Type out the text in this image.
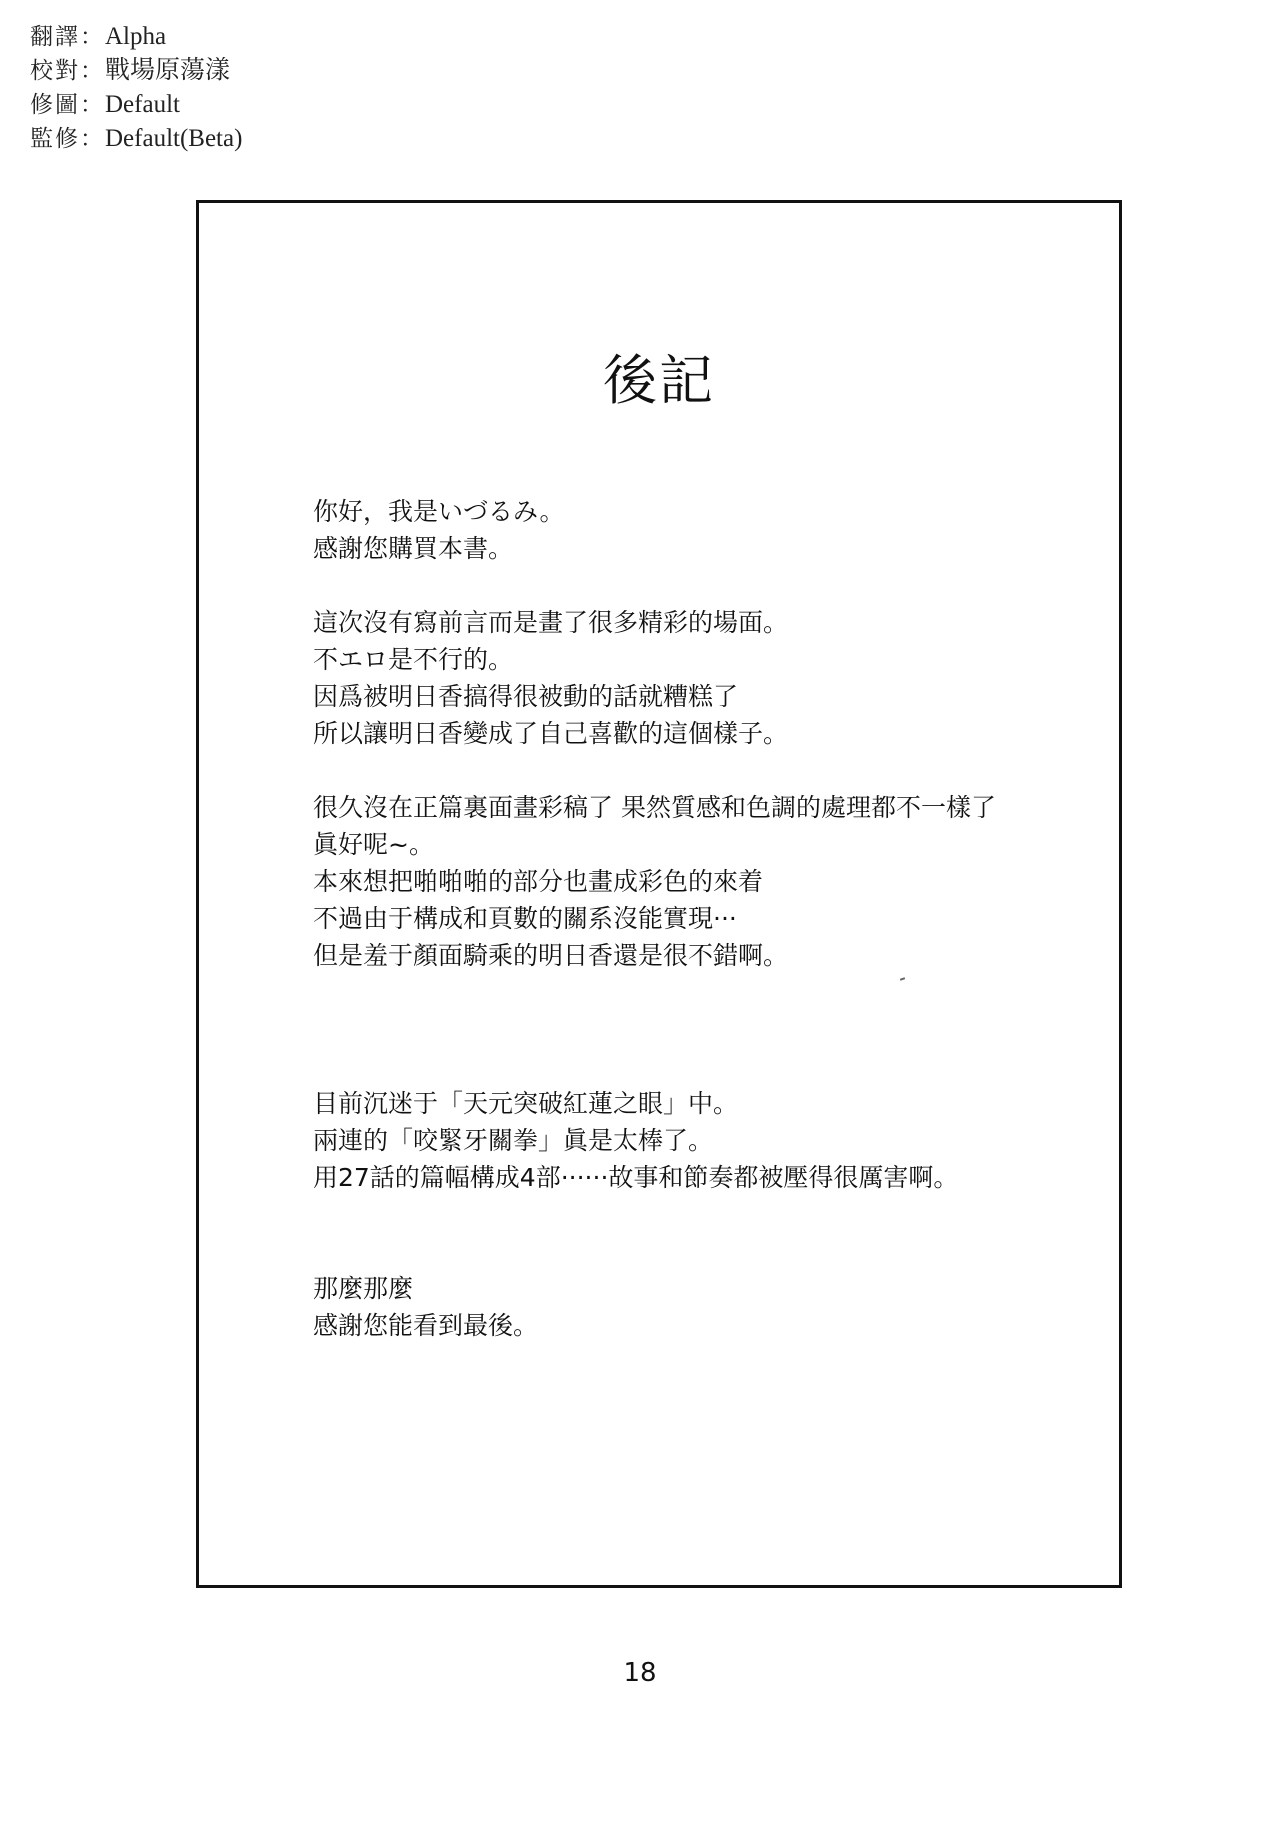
翻譯：Alpha
校對：戰場原蕩漾
修圖：Default
監修：Default(Beta)
後記
你好，我是いづるみ。
感謝您購買本書。
這次沒有寫前言而是畫了很多精彩的場面。
不エロ是不行的。
因爲被明日香搞得很被動的話就糟糕了
所以讓明日香變成了自己喜歡的這個樣子。
很久沒在正篇裏面畫彩稿了 果然質感和色調的處理都不一樣了
眞好呢~。
本來想把啪啪啪的部分也畫成彩色的來着
不過由于構成和頁數的關系沒能實現···
但是羞于顏面騎乘的明日香還是很不錯啊。
目前沉迷于「天元突破紅蓮之眼」中。
兩連的「咬緊牙關拳」眞是太棒了。
用27話的篇幅構成4部······故事和節奏都被壓得很厲害啊。
那麼那麼
感謝您能看到最後。
18
